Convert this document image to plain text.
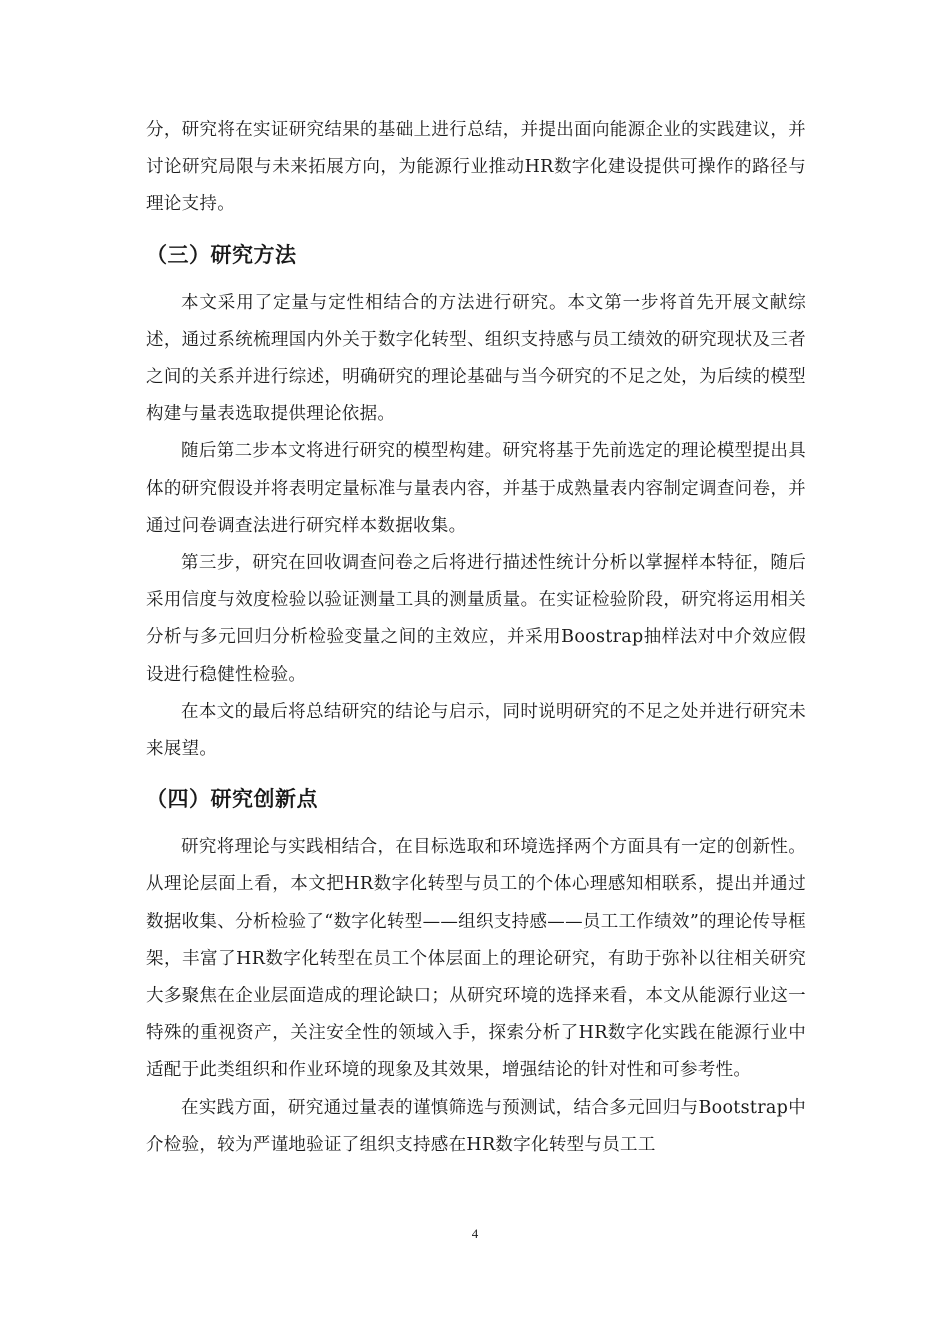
分，研究将在实证研究结果的基础上进行总结，并提出面向能源企业的实践建议，并讨论研究局限与未来拓展方向，为能源行业推动HR数字化建设提供可操作的路径与理论支持。

（三）研究方法

本文采用了定量与定性相结合的方法进行研究。本文第一步将首先开展文献综述，通过系统梳理国内外关于数字化转型、组织支持感与员工绩效的研究现状及三者之间的关系并进行综述，明确研究的理论基础与当今研究的不足之处，为后续的模型构建与量表选取提供理论依据。

随后第二步本文将进行研究的模型构建。研究将基于先前选定的理论模型提出具体的研究假设并将表明定量标准与量表内容，并基于成熟量表内容制定调查问卷，并通过问卷调查法进行研究样本数据收集。

第三步，研究在回收调查问卷之后将进行描述性统计分析以掌握样本特征，随后采用信度与效度检验以验证测量工具的测量质量。在实证检验阶段，研究将运用相关分析与多元回归分析检验变量之间的主效应，并采用Boostrap抽样法对中介效应假设进行稳健性检验。

在本文的最后将总结研究的结论与启示，同时说明研究的不足之处并进行研究未来展望。

（四）研究创新点

研究将理论与实践相结合，在目标选取和环境选择两个方面具有一定的创新性。从理论层面上看，本文把HR数字化转型与员工的个体心理感知相联系，提出并通过数据收集、分析检验了“数字化转型——组织支持感——员工工作绩效”的理论传导框架，丰富了HR数字化转型在员工个体层面上的理论研究，有助于弥补以往相关研究大多聚焦在企业层面造成的理论缺口；从研究环境的选择来看，本文从能源行业这一特殊的重视资产，关注安全性的领域入手，探索分析了HR数字化实践在能源行业中适配于此类组织和作业环境的现象及其效果，增强结论的针对性和可参考性。

在实践方面，研究通过量表的谨慎筛选与预测试，结合多元回归与Bootstrap中介检验，较为严谨地验证了组织支持感在HR数字化转型与员工工

4
